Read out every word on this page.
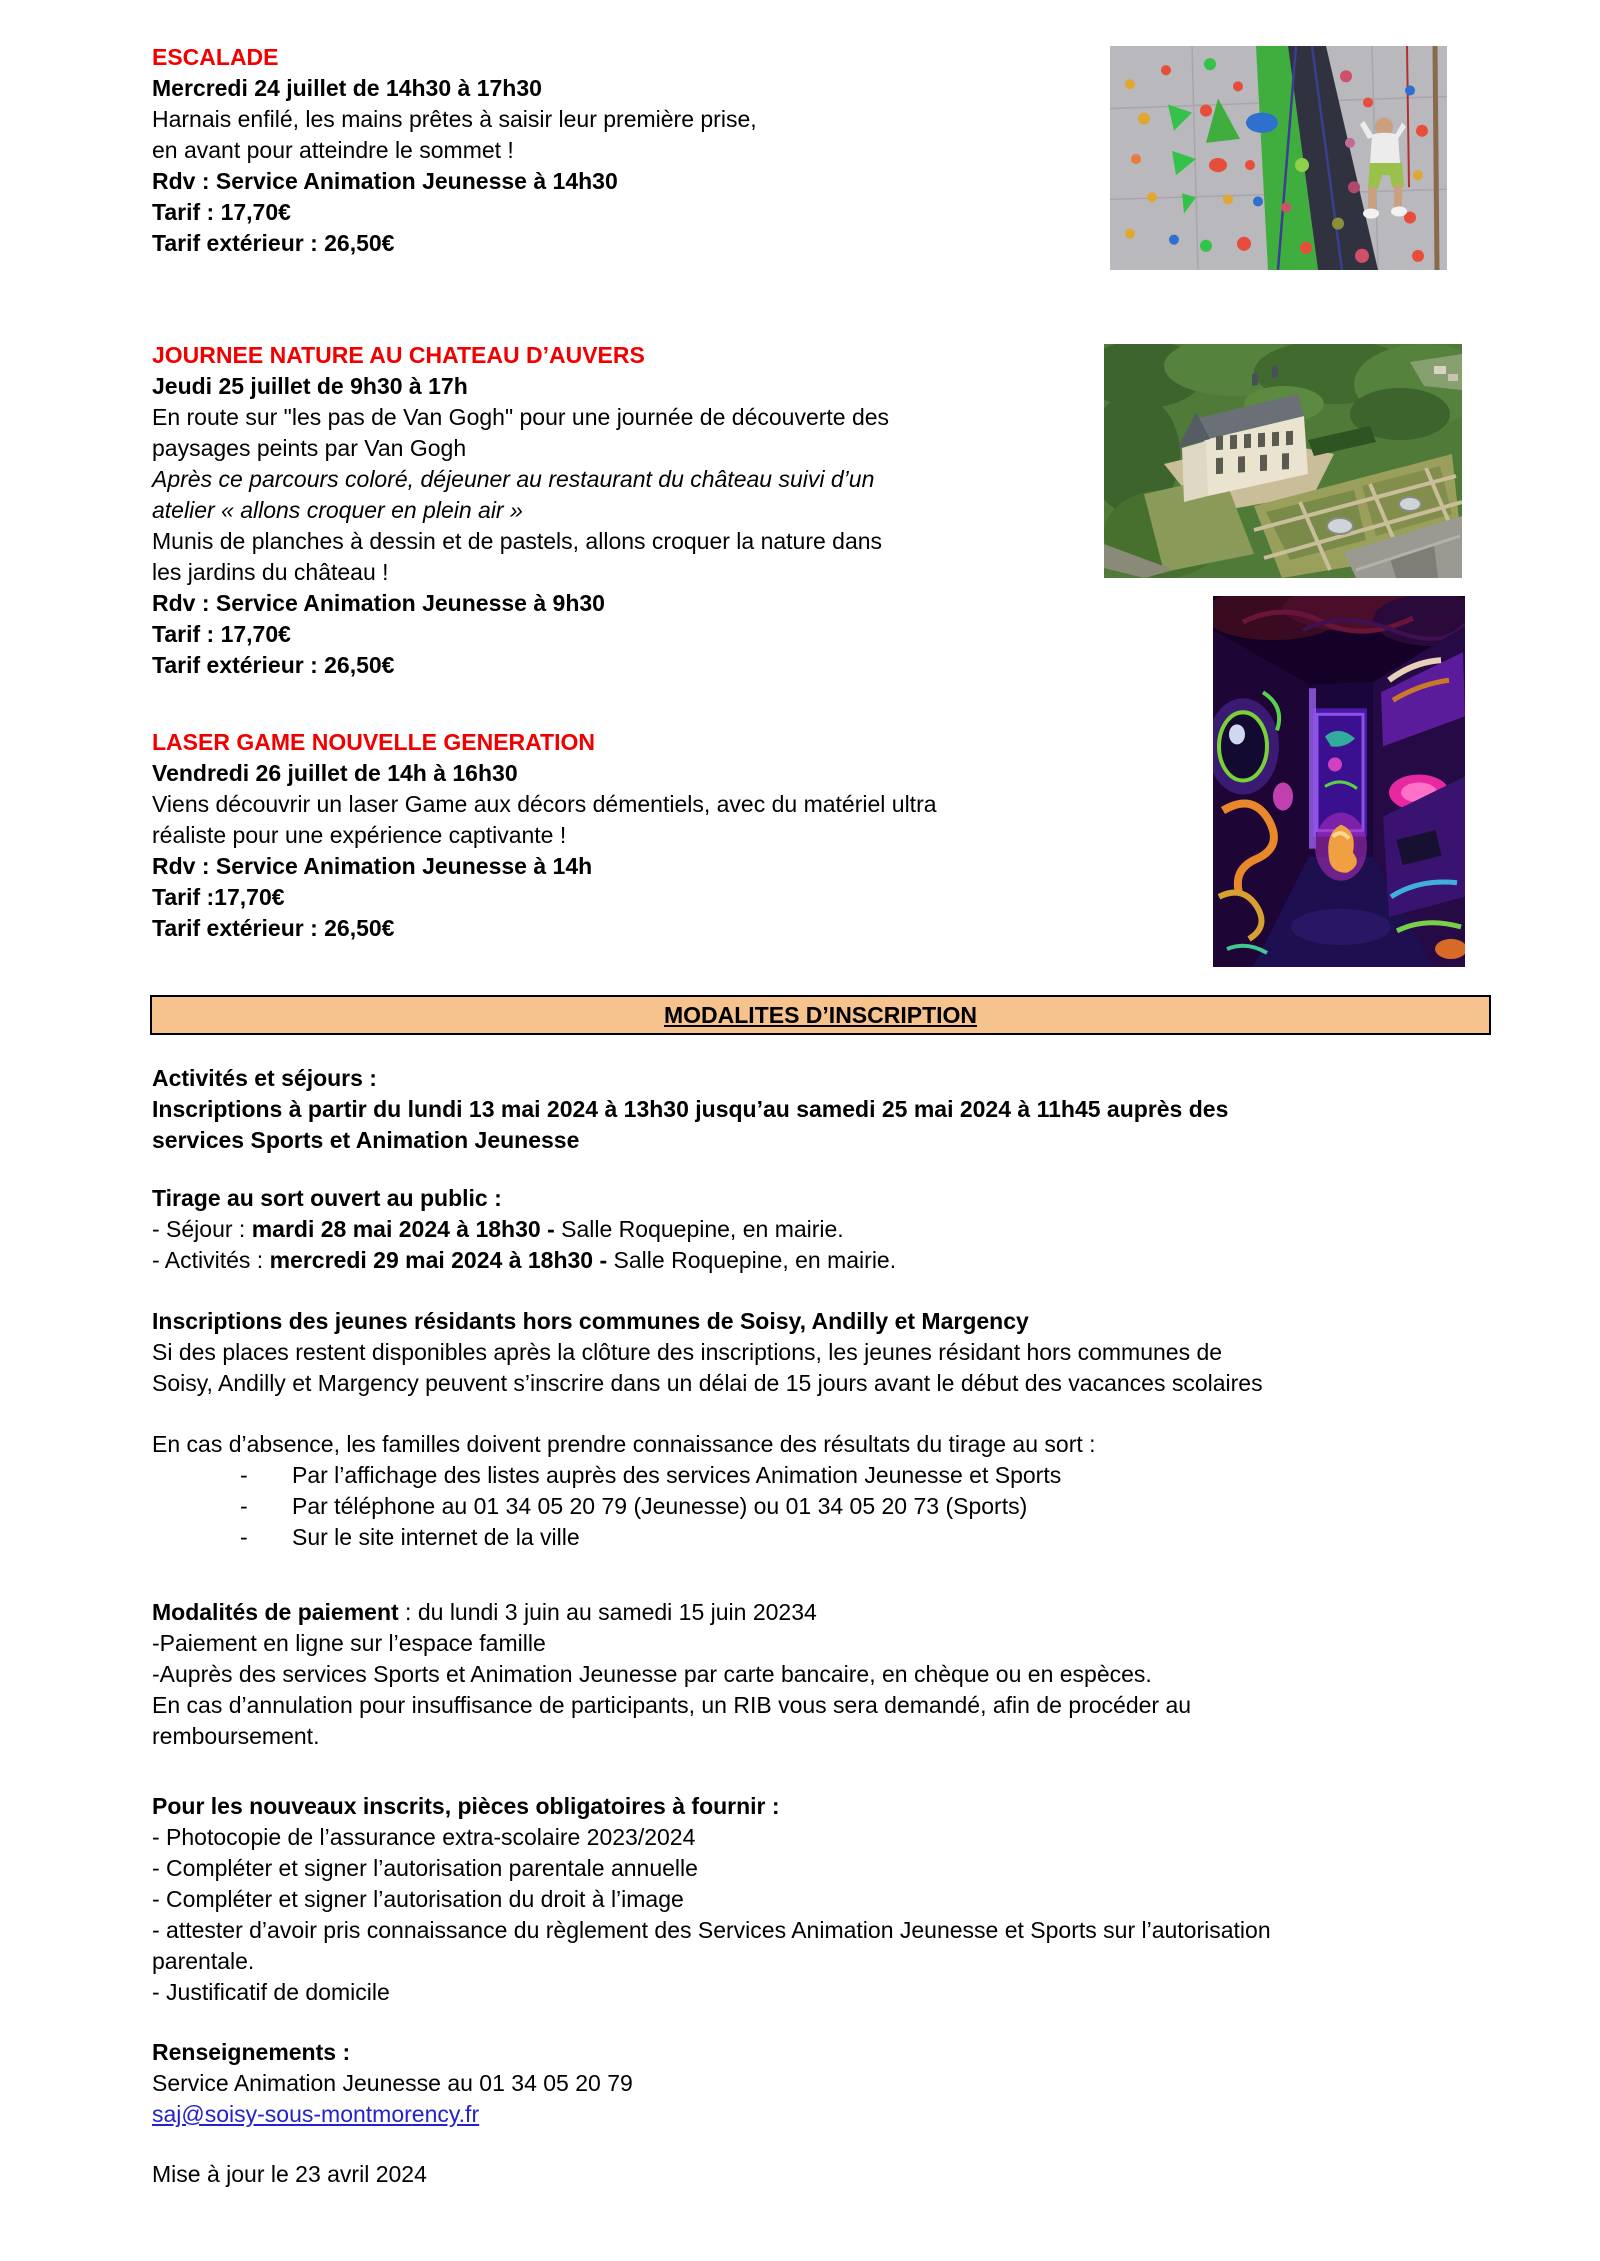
ESCALADE
Mercredi 24 juillet de 14h30 à 17h30
Harnais enfilé, les mains prêtes à saisir leur première prise,
en avant pour atteindre le sommet !
Rdv : Service Animation Jeunesse à 14h30
Tarif : 17,70€
Tarif extérieur : 26,50€
JOURNEE NATURE AU CHATEAU D’AUVERS
Jeudi 25 juillet de 9h30 à 17h
En route sur "les pas de Van Gogh" pour une journée de découverte des
paysages peints par Van Gogh
Après ce parcours coloré, déjeuner au restaurant du château suivi d’un
atelier « allons croquer en plein air »
Munis de planches à dessin et de pastels, allons croquer la nature dans
les jardins du château !
Rdv : Service Animation Jeunesse à 9h30
Tarif : 17,70€
Tarif extérieur : 26,50€
LASER GAME NOUVELLE GENERATION
Vendredi 26 juillet de 14h à 16h30
Viens découvrir un laser Game aux décors démentiels, avec du matériel ultra
réaliste pour une expérience captivante !
Rdv : Service Animation Jeunesse à 14h
Tarif :17,70€
Tarif extérieur : 26,50€
MODALITES D’INSCRIPTION
Activités et séjours :
Inscriptions à partir du lundi 13 mai 2024 à 13h30 jusqu’au samedi 25 mai 2024 à 11h45 auprès des
services Sports et Animation Jeunesse
Tirage au sort ouvert au public :
- Séjour : mardi 28 mai 2024 à 18h30 - Salle Roquepine, en mairie.
- Activités : mercredi 29 mai 2024 à 18h30 - Salle Roquepine, en mairie.
Inscriptions des jeunes résidants hors communes de Soisy, Andilly et Margency
Si des places restent disponibles après la clôture des inscriptions, les jeunes résidant hors communes de
Soisy, Andilly et Margency peuvent s’inscrire dans un délai de 15 jours avant le début des vacances scolaires
En cas d’absence, les familles doivent prendre connaissance des résultats du tirage au sort :
- Par l’affichage des listes auprès des services Animation Jeunesse et Sports
- Par téléphone au 01 34 05 20 79 (Jeunesse) ou 01 34 05 20 73 (Sports)
- Sur le site internet de la ville
Modalités de paiement : du lundi 3 juin au samedi 15 juin 20234
-Paiement en ligne sur l’espace famille
-Auprès des services Sports et Animation Jeunesse par carte bancaire, en chèque ou en espèces.
En cas d’annulation pour insuffisance de participants, un RIB vous sera demandé, afin de procéder au
remboursement.
Pour les nouveaux inscrits, pièces obligatoires à fournir :
- Photocopie de l’assurance extra-scolaire 2023/2024
- Compléter et signer l’autorisation parentale annuelle
- Compléter et signer l’autorisation du droit à l’image
- attester d’avoir pris connaissance du règlement des Services Animation Jeunesse et Sports sur l’autorisation
parentale.
- Justificatif de domicile
Renseignements :
Service Animation Jeunesse au 01 34 05 20 79
saj@soisy-sous-montmorency.fr
Mise à jour le 23 avril 2024
